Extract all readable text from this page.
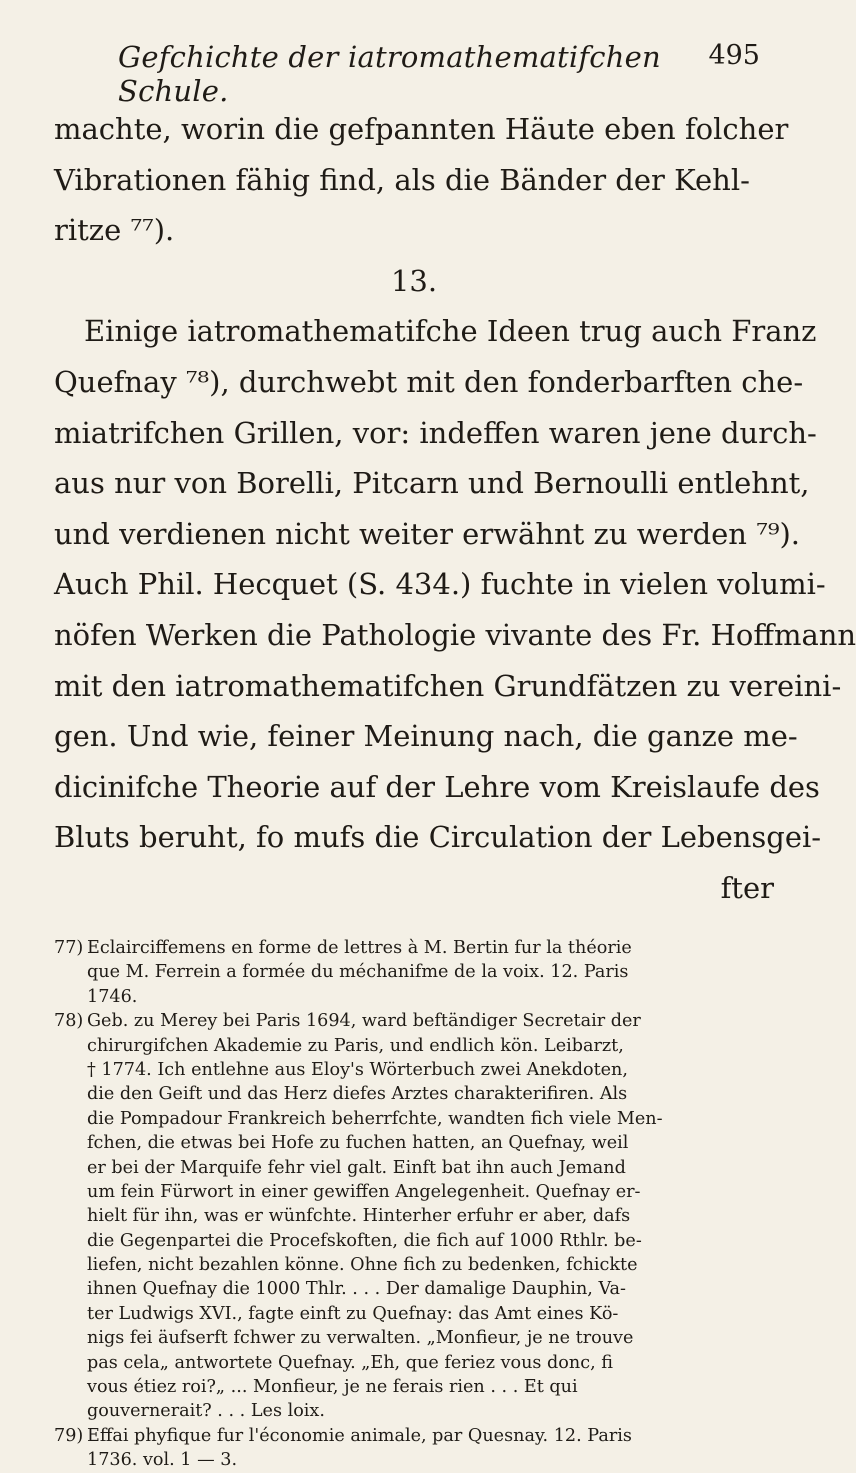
Gefchichte der iatromathematifchen Schule.
495
machte, worin die gefpannten Häute eben folcher
Vibrationen fähig find, als die Bänder der Kehl-
ritze ⁷⁷).
13.
Einige iatromathematifche Ideen trug auch Franz
Quefnay ⁷⁸), durchwebt mit den fonderbarften che-
miatrifchen Grillen, vor: indeffen waren jene durch-
aus nur von Borelli, Pitcarn und Bernoulli entlehnt,
und verdienen nicht weiter erwähnt zu werden ⁷⁹).
Auch Phil. Hecquet (S. 434.) fuchte in vielen volumi-
nöfen Werken die Pathologie vivante des Fr. Hoffmann
mit den iatromathematifchen Grundfätzen zu vereini-
gen. Und wie, feiner Meinung nach, die ganze me-
dicinifche Theorie auf der Lehre vom Kreislaufe des
Bluts beruht, fo mufs die Circulation der Lebensgei-
fter
77) Eclairciffemens en forme de lettres à M. Bertin fur la théorie
que M. Ferrein a formée du méchanifme de la voix. 12. Paris
1746.
78) Geb. zu Merey bei Paris 1694, ward beftändiger Secretair der
chirurgifchen Akademie zu Paris, und endlich kön. Leibarzt,
† 1774. Ich entlehne aus Eloy's Wörterbuch zwei Anekdoten,
die den Geift und das Herz diefes Arztes charakterifiren. Als
die Pompadour Frankreich beherrfchte, wandten fich viele Men-
fchen, die etwas bei Hofe zu fuchen hatten, an Quefnay, weil
er bei der Marquife fehr viel galt. Einft bat ihn auch Jemand
um fein Fürwort in einer gewiffen Angelegenheit. Quefnay er-
hielt für ihn, was er wünfchte. Hinterher erfuhr er aber, dafs
die Gegenpartei die Procefskoften, die fich auf 1000 Rthlr. be-
liefen, nicht bezahlen könne. Ohne fich zu bedenken, fchickte
ihnen Quefnay die 1000 Thlr. . . . Der damalige Dauphin, Va-
ter Ludwigs XVI., fagte einft zu Quefnay: das Amt eines Kö-
nigs fei äufserft fchwer zu verwalten. „Monfieur, je ne trouve
pas cela„ antwortete Quefnay. „Eh, que feriez vous donc, fi
vous étiez roi?„ ... Monfieur, je ne ferais rien . . . Et qui
gouvernerait? . . . Les loix.
79) Effai phyfique fur l'économie animale, par Quesnay. 12. Paris
1736. vol. 1 — 3.
